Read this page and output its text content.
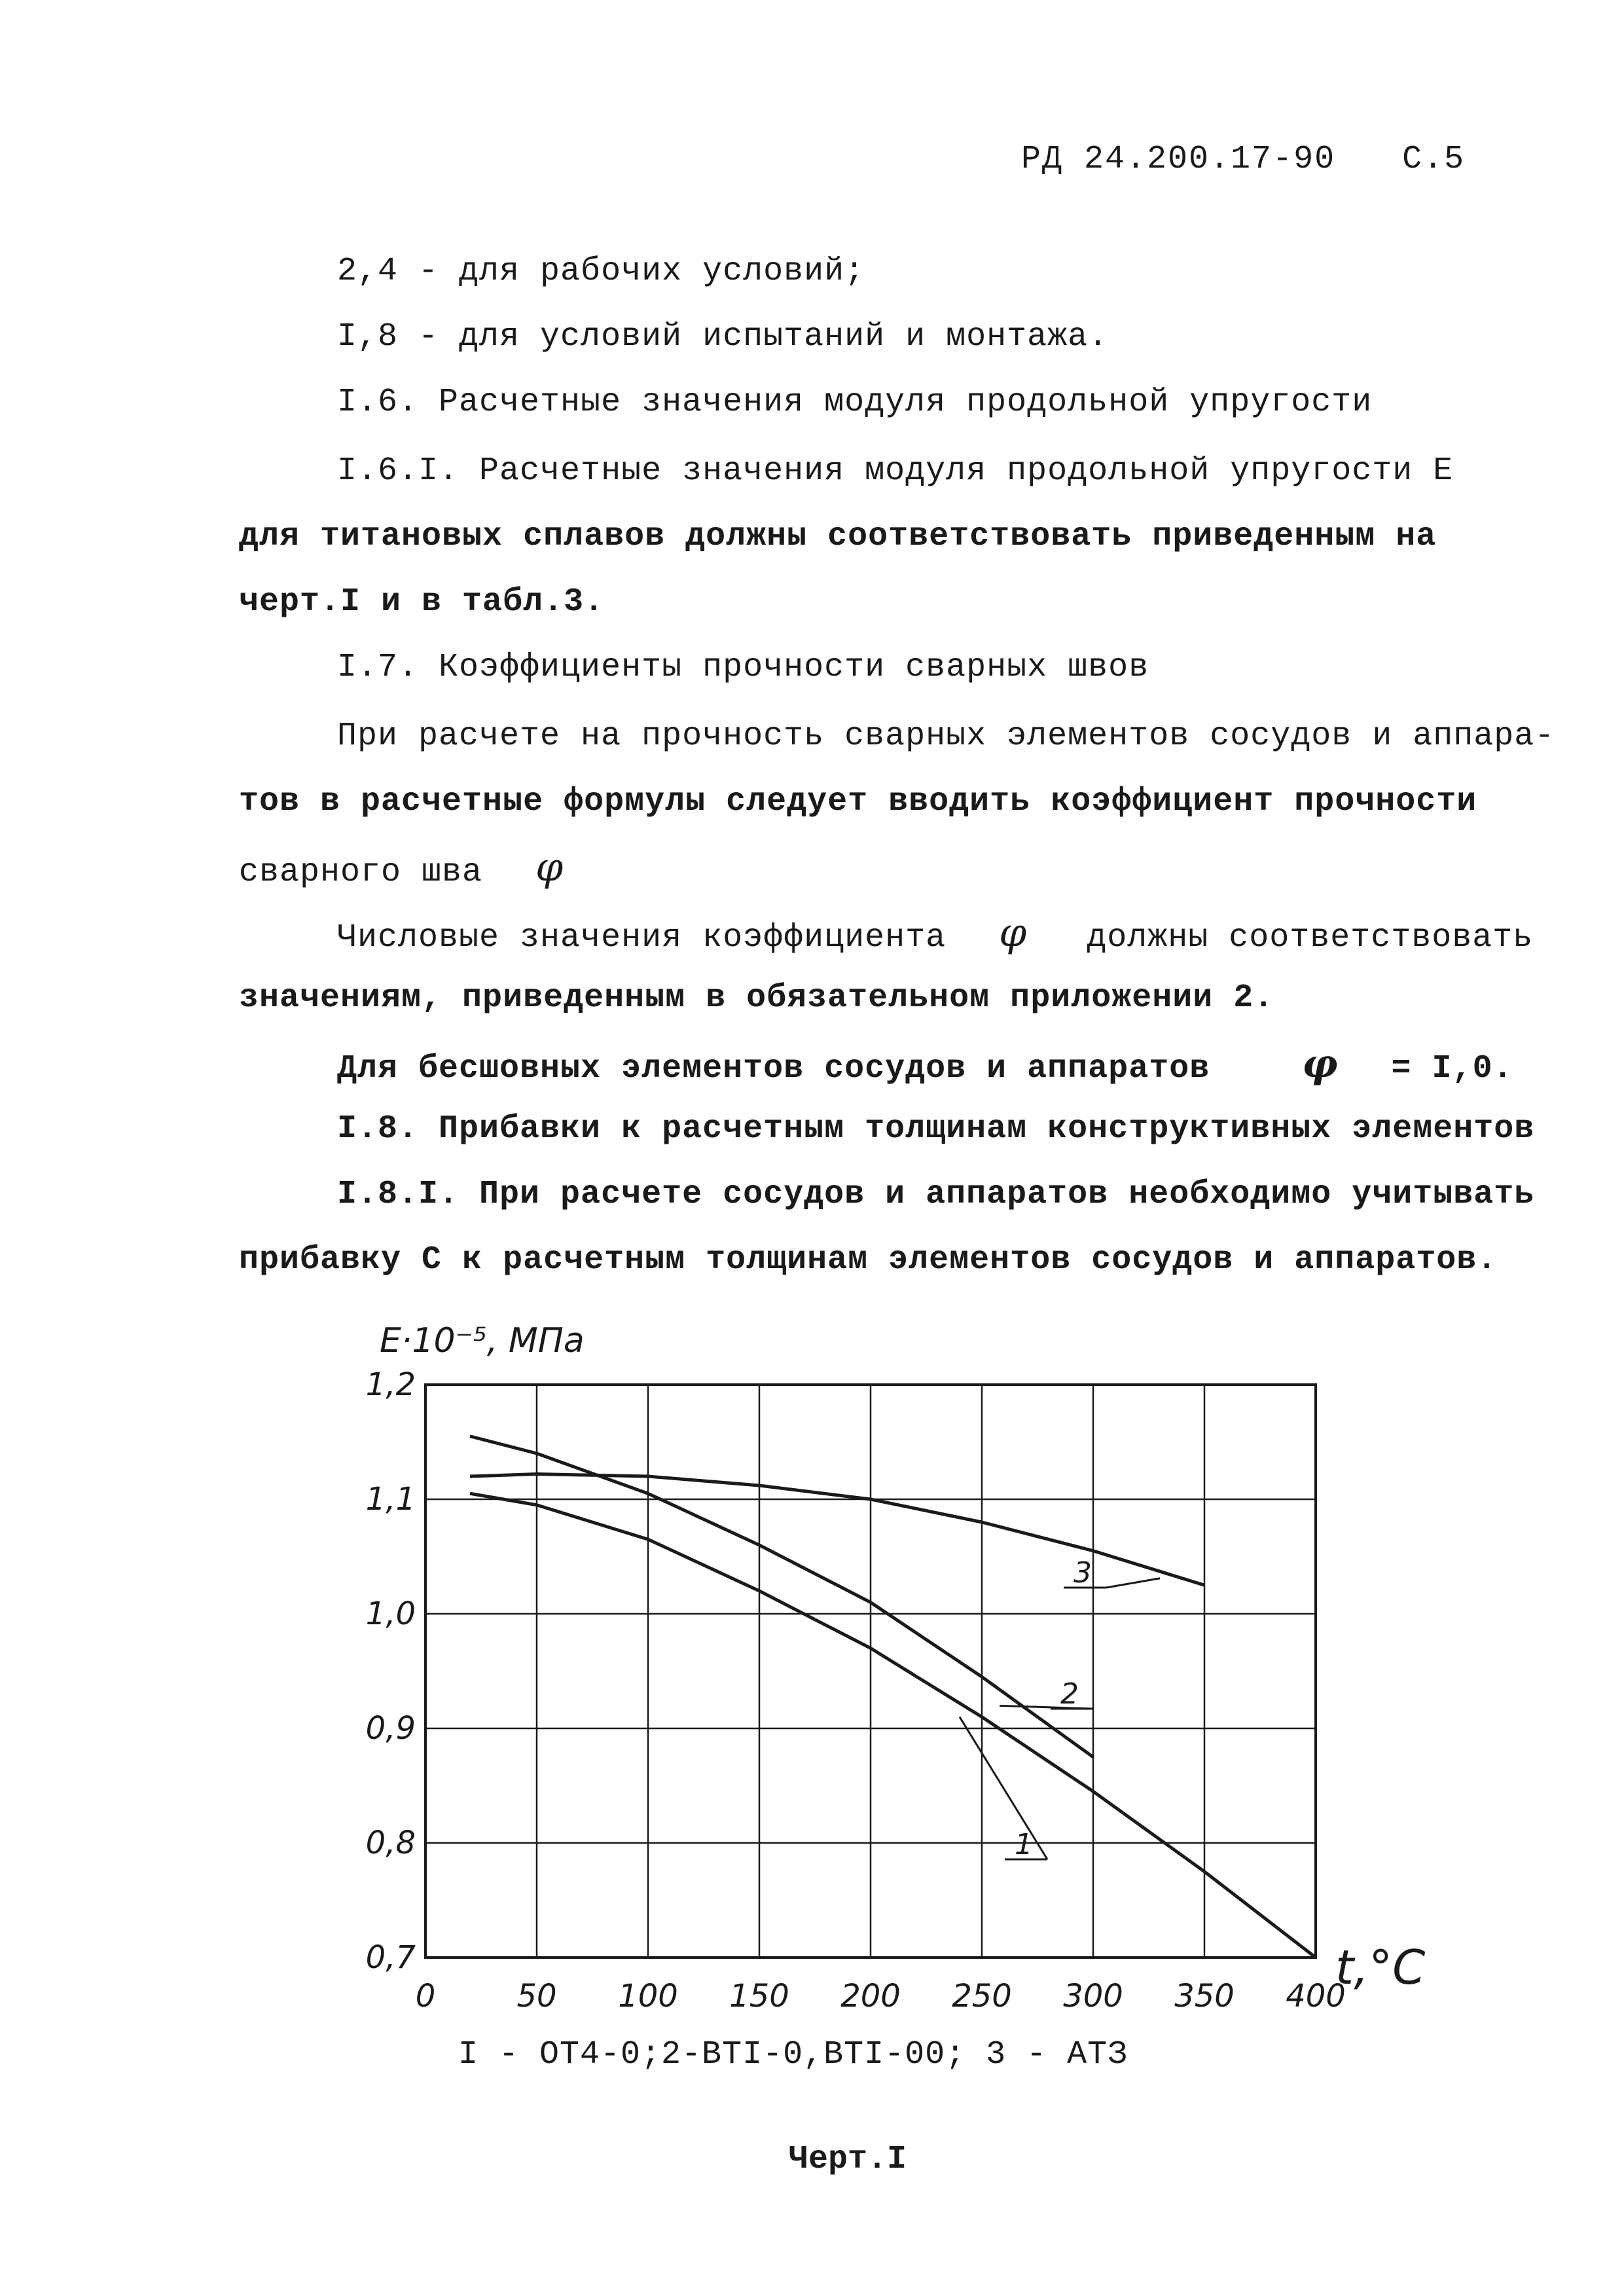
РД 24.200.17-90 С.5
2,4 - для рабочих условий;
I,8 - для условий испытаний и монтажа.
I.6. Расчетные значения модуля продольной упругости
I.6.I. Расчетные значения модуля продольной упругости E
для титановых сплавов должны соответствовать приведенным на
черт.I и в табл.3.
I.7. Коэффициенты прочности сварных швов
При расчете на прочность сварных элементов сосудов и аппара-
тов в расчетные формулы следует вводить коэффициент прочности
сварного шва φ
Числовые значения коэффициента φ должны соответствовать
значениям, приведенным в обязательном приложении 2.
Для бесшовных элементов сосудов и аппаратов φ = I,0.
I.8. Прибавки к расчетным толщинам конструктивных элементов
I.8.I. При расчете сосудов и аппаратов необходимо учитывать
прибавку C к расчетным толщинам элементов сосудов и аппаратов.
0	50 100 150 200 250 300 350 400
0,7
0,8
0,9
1,0
1,1
1,2
E·10⁻⁵, МПа
t,°C
1
2
3
I - ОТ4-0;2-ВТI-0,ВТI-00; 3 - АТЗ
Черт.I
